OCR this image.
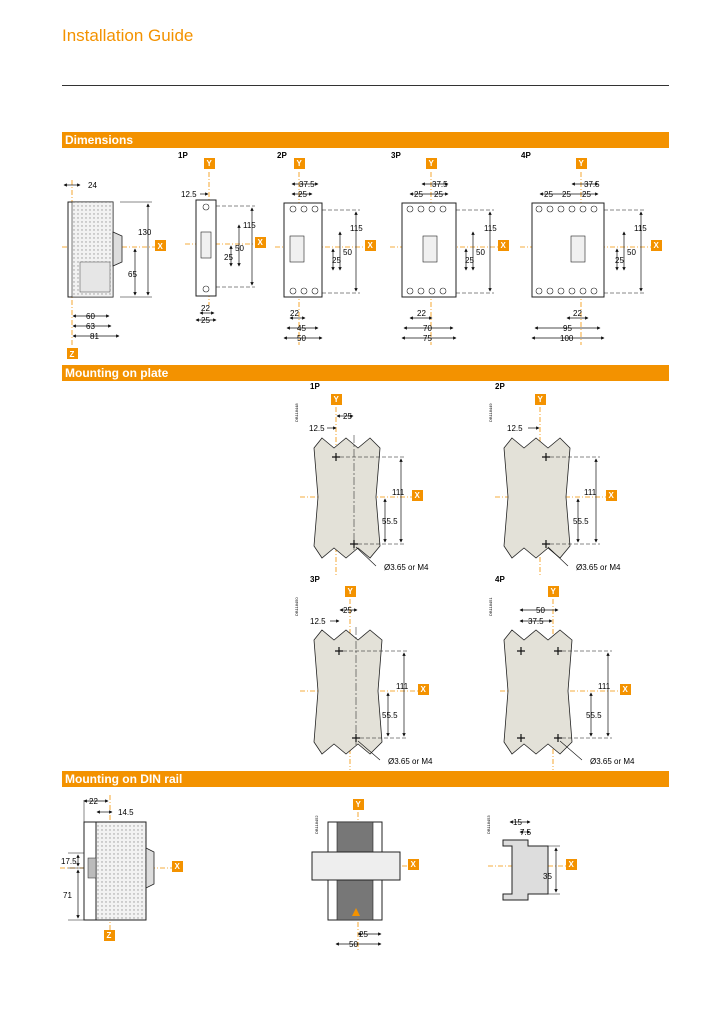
Installation Guide
Dimensions
Mounting on plate
Mounting on DIN rail
24
130
65
60
63
81
X
Z
1P
Y
X
12.5
115
50
25
22
25
2P
Y
X
37.5
25
115
50
25
22
45
50
3P
Y
X
37.5
25 25
115
50
25
22
70
75
4P
Y
X
37.5
25 25 25
115
50
25
22
95
100
1P
DB118448
Y
X
25
12.5
111
55.5
Ø3.65 or M4
2P
DB118449
Y
X
12.5
111
55.5
Ø3.65 or M4
3P
DB118450
Y
X
25
12.5
111
55.5
Ø3.65 or M4
4P
DB118451
Y
X
50
37.5
111
55.5
Ø3.65 or M4
X
Z
22
14.5
17.5
71
DB118452
Y
X
25
50
DB118453
X
15
7.5
35
